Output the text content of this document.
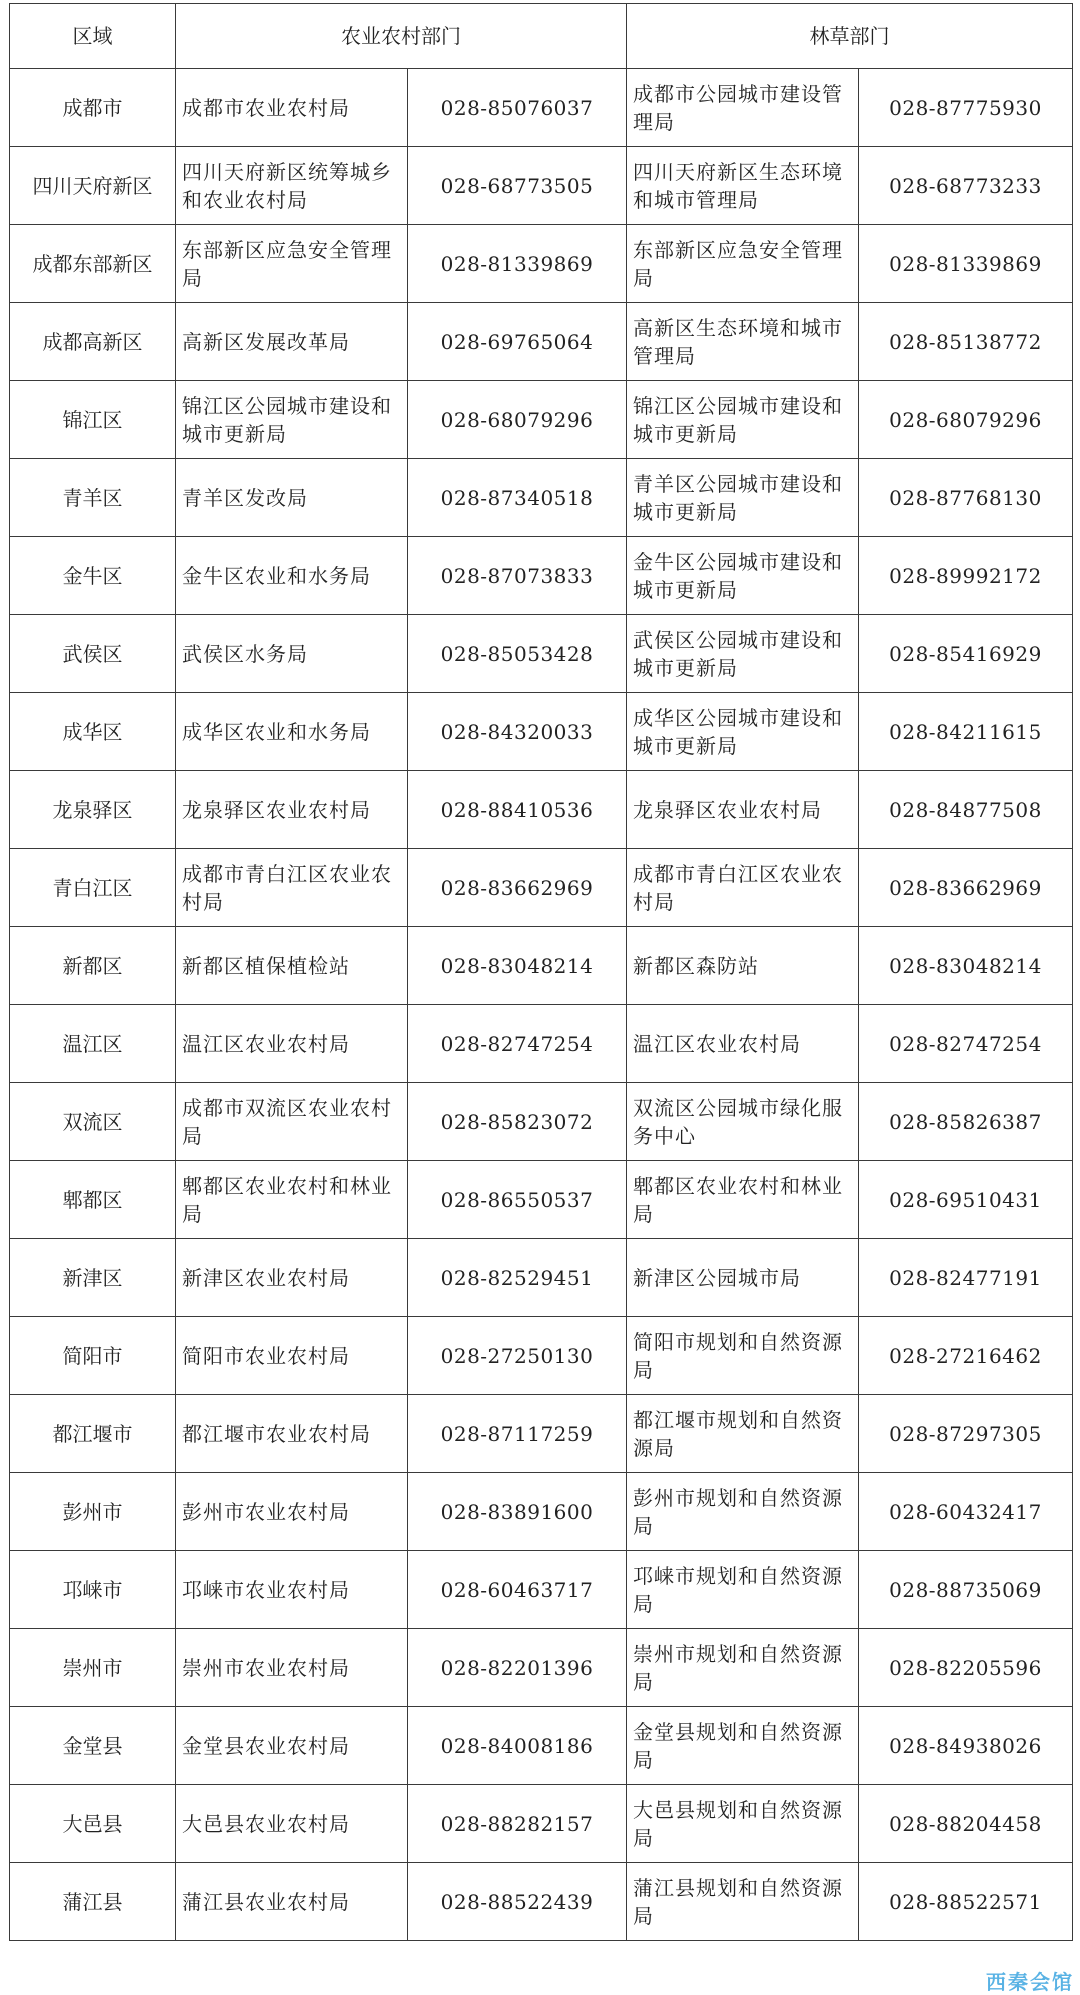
区域	农业农村部门		林草部门	
成都市	成都市农业农村局	028-85076037	成都市公园城市建设管理局	028-87775930
四川天府新区	四川天府新区统筹城乡和农业农村局	028-68773505	四川天府新区生态环境和城市管理局	028-68773233
成都东部新区	东部新区应急安全管理局	028-81339869	东部新区应急安全管理局	028-81339869
成都高新区	高新区发展改革局	028-69765064	高新区生态环境和城市管理局	028-85138772
锦江区	锦江区公园城市建设和城市更新局	028-68079296	锦江区公园城市建设和城市更新局	028-68079296
青羊区	青羊区发改局	028-87340518	青羊区公园城市建设和城市更新局	028-87768130
金牛区	金牛区农业和水务局	028-87073833	金牛区公园城市建设和城市更新局	028-89992172
武侯区	武侯区水务局	028-85053428	武侯区公园城市建设和城市更新局	028-85416929
成华区	成华区农业和水务局	028-84320033	成华区公园城市建设和城市更新局	028-84211615
龙泉驿区	龙泉驿区农业农村局	028-88410536	龙泉驿区农业农村局	028-84877508
青白江区	成都市青白江区农业农村局	028-83662969	成都市青白江区农业农村局	028-83662969
新都区	新都区植保植检站	028-83048214	新都区森防站	028-83048214
温江区	温江区农业农村局	028-82747254	温江区农业农村局	028-82747254
双流区	成都市双流区农业农村局	028-85823072	双流区公园城市绿化服务中心	028-85826387
郫都区	郫都区农业农村和林业局	028-86550537	郫都区农业农村和林业局	028-69510431
新津区	新津区农业农村局	028-82529451	新津区公园城市局	028-82477191
简阳市	简阳市农业农村局	028-27250130	简阳市规划和自然资源局	028-27216462
都江堰市	都江堰市农业农村局	028-87117259	都江堰市规划和自然资源局	028-87297305
彭州市	彭州市农业农村局	028-83891600	彭州市规划和自然资源局	028-60432417
邛崃市	邛崃市农业农村局	028-60463717	邛崃市规划和自然资源局	028-88735069
崇州市	崇州市农业农村局	028-82201396	崇州市规划和自然资源局	028-82205596
金堂县	金堂县农业农村局	028-84008186	金堂县规划和自然资源局	028-84938026
大邑县	大邑县农业农村局	028-88282157	大邑县规划和自然资源局	028-88204458
蒲江县	蒲江县农业农村局	028-88522439	蒲江县规划和自然资源局	028-88522571
西秦会馆
